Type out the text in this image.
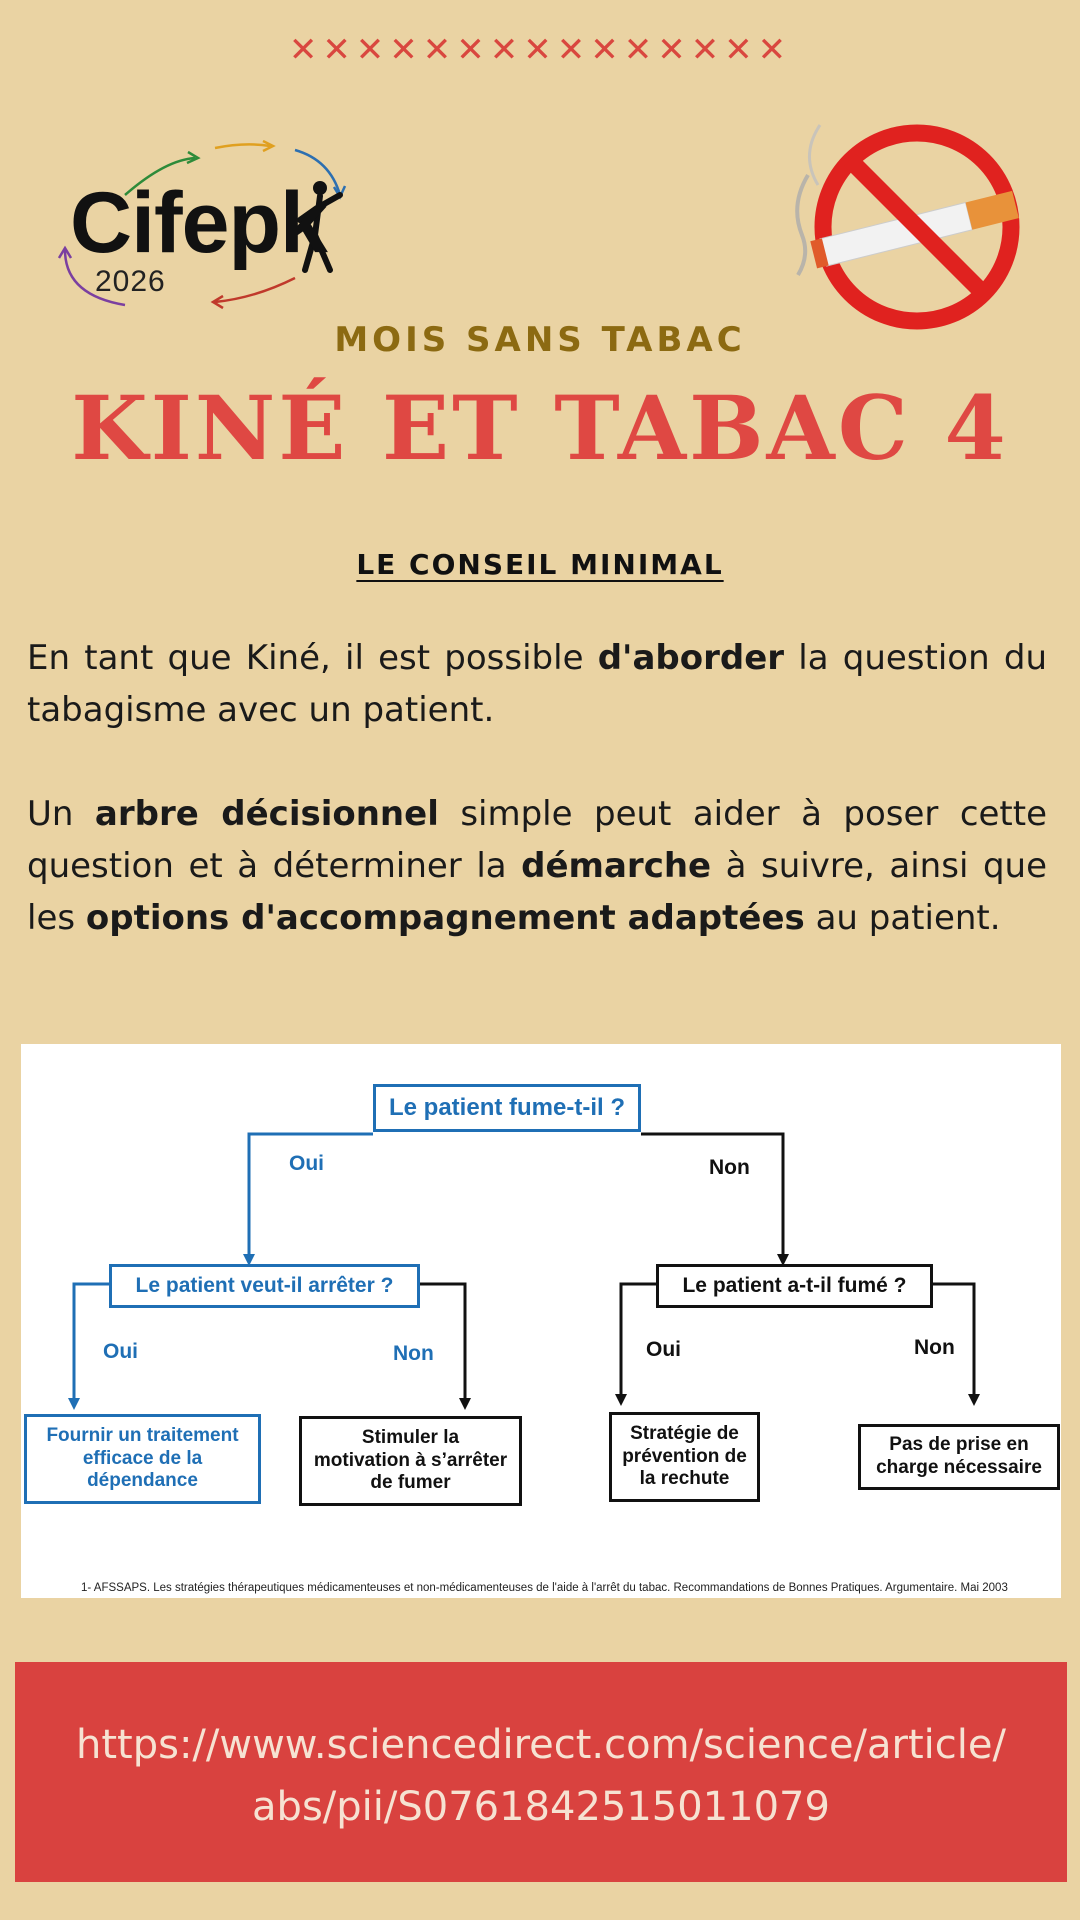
✕✕✕✕✕✕✕✕✕✕✕✕✕✕✕
Cifepk
2026
MOIS SANS TABAC
KINÉ ET TABAC 4
LE CONSEIL MINIMAL
En tant que Kiné, il est possible d'aborder la question du tabagisme avec un patient.
Un arbre décisionnel simple peut aider à poser cette question et à déterminer la démarche à suivre, ainsi que les options d'accompagnement adaptées au patient.
Le patient fume-t-il ?
Oui	Non
Le patient veut-il arrêter ?
Oui	Non
Le patient a-t-il fumé ?
Oui	Non
Fournir un traitement efficace de la dépendance
Stimuler la motivation à s’arrêter de fumer
Stratégie de prévention de la rechute
Pas de prise en charge nécessaire
1- AFSSAPS. Les stratégies thérapeutiques médicamenteuses et non-médicamenteuses de l'aide à l'arrêt du tabac. Recommandations de Bonnes Pratiques. Argumentaire. Mai 2003
https://www.sciencedirect.com/science/article/
abs/pii/S0761842515011079
